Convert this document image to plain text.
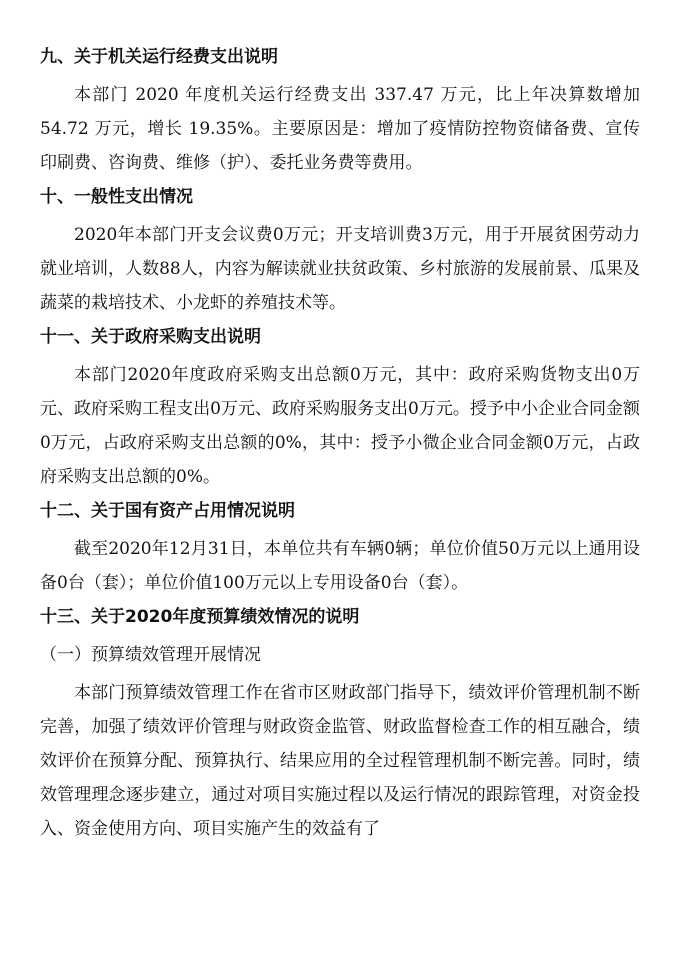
九、关于机关运行经费支出说明

本部门 2020 年度机关运行经费支出 337.47 万元，比上年决算数增加 54.72 万元，增长 19.35%。主要原因是：增加了疫情防控物资储备费、宣传印刷费、咨询费、维修（护）、委托业务费等费用。

十、一般性支出情况

2020年本部门开支会议费0万元；开支培训费3万元，用于开展贫困劳动力就业培训，人数88人，内容为解读就业扶贫政策、乡村旅游的发展前景、瓜果及蔬菜的栽培技术、小龙虾的养殖技术等。

十一、关于政府采购支出说明

本部门2020年度政府采购支出总额0万元，其中：政府采购货物支出0万元、政府采购工程支出0万元、政府采购服务支出0万元。授予中小企业合同金额0万元，占政府采购支出总额的0%，其中：授予小微企业合同金额0万元，占政府采购支出总额的0%。

十二、关于国有资产占用情况说明

截至2020年12月31日，本单位共有车辆0辆；单位价值50万元以上通用设备0台（套）；单位价值100万元以上专用设备0台（套）。

十三、关于2020年度预算绩效情况的说明
（一）预算绩效管理开展情况

本部门预算绩效管理工作在省市区财政部门指导下，绩效评价管理机制不断完善，加强了绩效评价管理与财政资金监管、财政监督检查工作的相互融合，绩效评价在预算分配、预算执行、结果应用的全过程管理机制不断完善。同时，绩效管理理念逐步建立，通过对项目实施过程以及运行情况的跟踪管理，对资金投入、资金使用方向、项目实施产生的效益有了
